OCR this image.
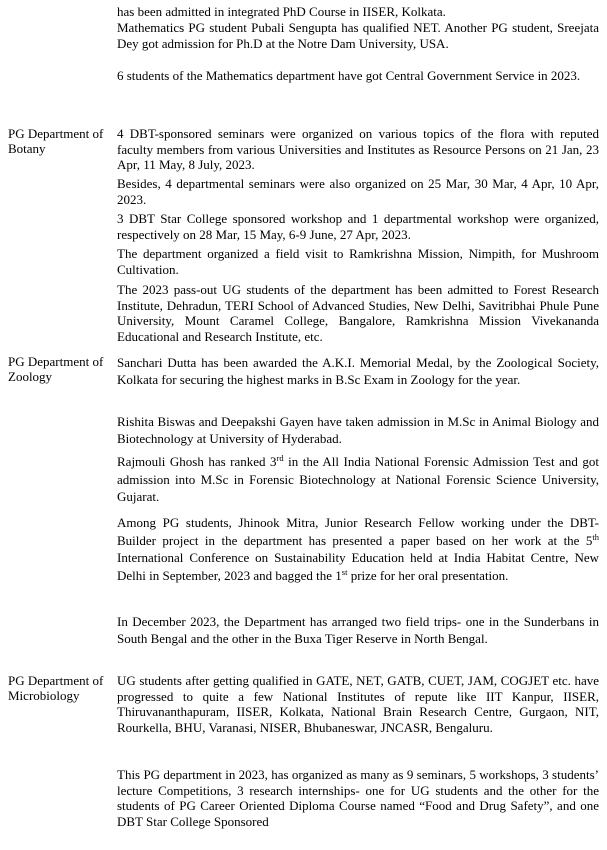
has been admitted in integrated PhD Course in IISER, Kolkata.
Mathematics PG student Pubali Sengupta has qualified NET. Another PG student, Sreejata Dey got admission for Ph.D at the Notre Dam University, USA.
6 students of the Mathematics department have got Central Government Service in 2023.
PG Department of Botany
4 DBT-sponsored seminars were organized on various topics of the flora with reputed faculty members from various Universities and Institutes as Resource Persons on 21 Jan, 23 Apr, 11 May, 8 July, 2023.
Besides, 4 departmental seminars were also organized on 25 Mar, 30 Mar, 4 Apr, 10 Apr, 2023.
3 DBT Star College sponsored workshop and 1 departmental workshop were organized, respectively on 28 Mar, 15 May, 6-9 June, 27 Apr, 2023.
The department organized a field visit to Ramkrishna Mission, Nimpith, for Mushroom Cultivation.
The 2023 pass-out UG students of the department has been admitted to Forest Research Institute, Dehradun, TERI School of Advanced Studies, New Delhi, Savitribhai Phule Pune University, Mount Caramel College, Bangalore, Ramkrishna Mission Vivekananda Educational and Research Institute, etc.
PG Department of Zoology
Sanchari Dutta has been awarded the A.K.I. Memorial Medal, by the Zoological Society, Kolkata for securing the highest marks in B.Sc Exam in Zoology for the year.
Rishita Biswas and Deepakshi Gayen have taken admission in M.Sc in Animal Biology and Biotechnology at University of Hyderabad.
Rajmouli Ghosh has ranked 3rd in the All India National Forensic Admission Test and got admission into M.Sc in Forensic Biotechnology at National Forensic Science University, Gujarat.
Among PG students, Jhinook Mitra, Junior Research Fellow working under the DBT-Builder project in the department has presented a paper based on her work at the 5th International Conference on Sustainability Education held at India Habitat Centre, New Delhi in September, 2023 and bagged the 1st prize for her oral presentation.
In December 2023, the Department has arranged two field trips- one in the Sunderbans in South Bengal and the other in the Buxa Tiger Reserve in North Bengal.
PG Department of Microbiology
UG students after getting qualified in GATE, NET, GATB, CUET, JAM, COGJET etc. have progressed to quite a few National Institutes of repute like IIT Kanpur, IISER, Thiruvananthapuram, IISER, Kolkata, National Brain Research Centre, Gurgaon, NIT, Rourkella, BHU, Varanasi, NISER, Bhubaneswar, JNCASR, Bengaluru.
This PG department in 2023, has organized as many as 9 seminars, 5 workshops, 3 students’ lecture Competitions, 3 research internships- one for UG students and the other for the students of PG Career Oriented Diploma Course named “Food and Drug Safety”, and one DBT Star College Sponsored
